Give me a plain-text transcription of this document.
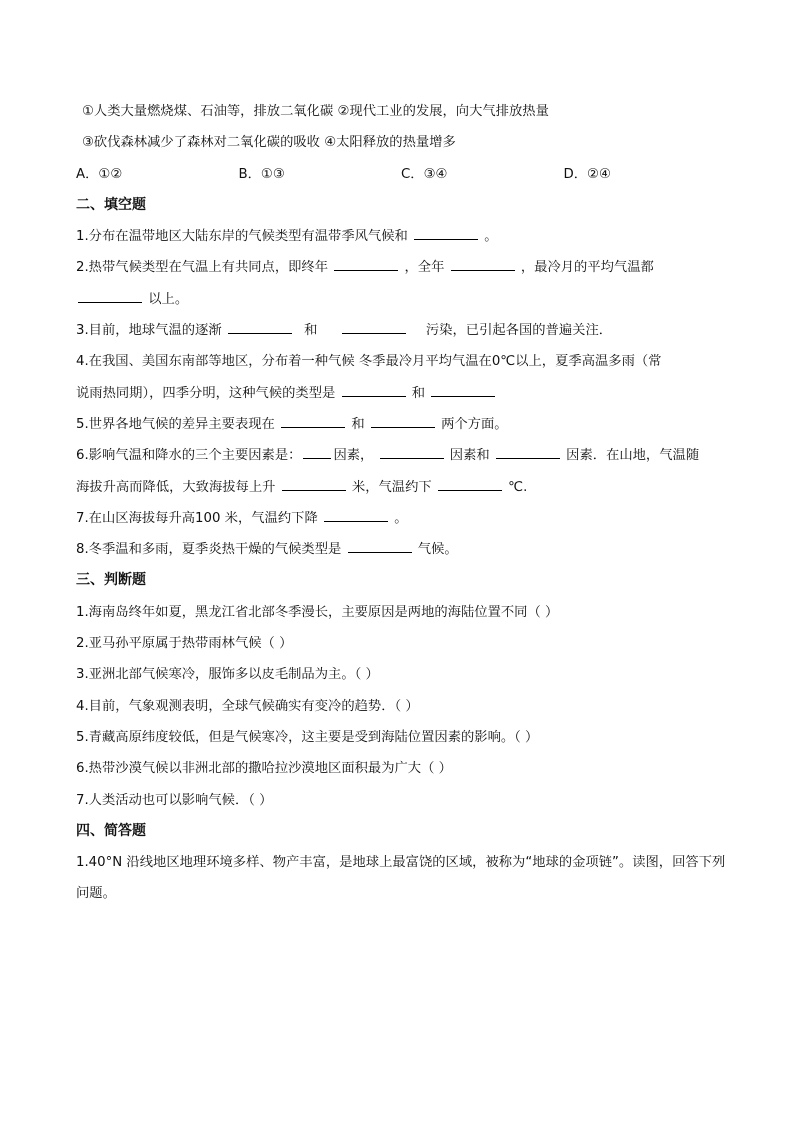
①人类大量燃烧煤、石油等，排放二氧化碳 ②现代工业的发展，向大气排放热量
③砍伐森林减少了森林对二氧化碳的吸收 ④太阳释放的热量增多
A．①②	B．①③	C．③④	D．②④
二、填空题
1.分布在温带地区大陆东岸的气候类型有温带季风气候和	。
2.热带气候类型在气温上有共同点，即终年	，全年	，最冷月的平均气温都
以上。
3.目前，地球气温的逐渐	和	污染，已引起各国的普遍关注．
4.在我国、美国东南部等地区，分布着一种气候 冬季最冷月平均气温在0℃以上，夏季高温多雨（常
说雨热同期），四季分明，这种气候的类型是	和
5.世界各地气候的差异主要表现在	和	两个方面。
6.影响气温和降水的三个主要因素是： 因素，	因素和	因素．在山地，气温随
海拔升高而降低，大致海拔每上升	米，气温约下	℃.
7.在山区海拔每升高100 米，气温约下降	。
8.冬季温和多雨，夏季炎热干燥的气候类型是	气候。
三、判断题
1.海南岛终年如夏，黑龙江省北部冬季漫长，主要原因是两地的海陆位置不同（ ）
2.亚马孙平原属于热带雨林气候（ ）
3.亚洲北部气候寒冷，服饰多以皮毛制品为主。（ ）
4.目前，气象观测表明，全球气候确实有变冷的趋势．（ ）
5.青藏高原纬度较低，但是气候寒冷，这主要是受到海陆位置因素的影响。（ ）
6.热带沙漠气候以非洲北部的撒哈拉沙漠地区面积最为广大（ ）
7.人类活动也可以影响气候．（ ）
四、简答题
1.40°N 沿线地区地理环境多样、物产丰富，是地球上最富饶的区域，被称为“地球的金项链”。读图，回答下列问题。
